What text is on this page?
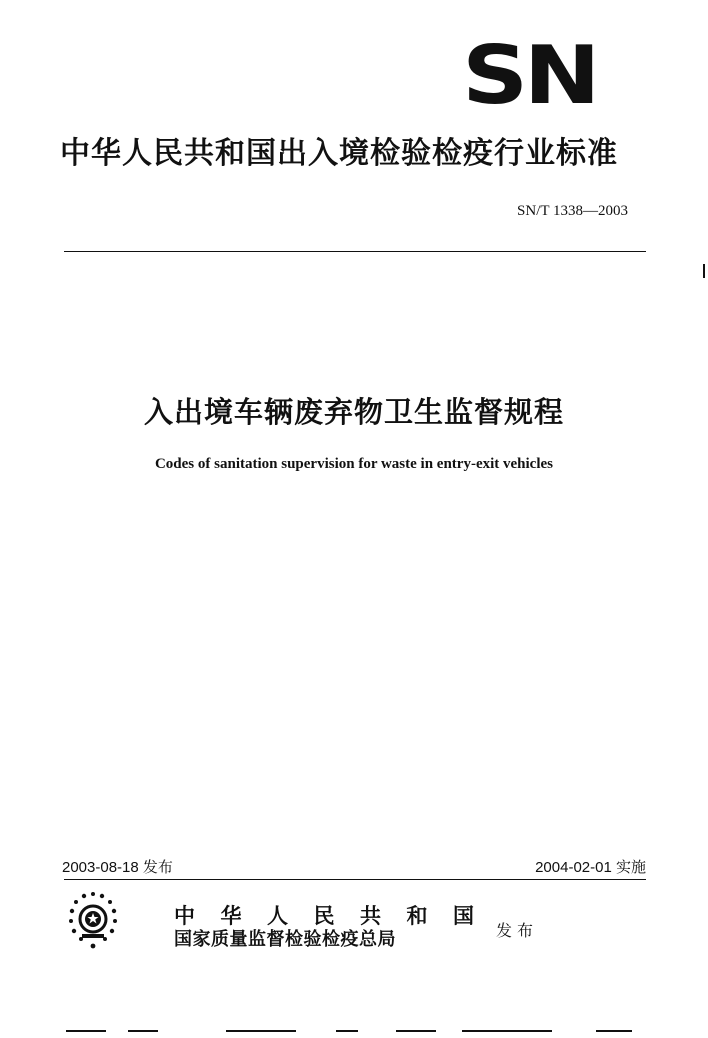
SN
中华人民共和国出入境检验检疫行业标准
SN/T 1338—2003
入出境车辆废弃物卫生监督规程
Codes of sanitation supervision for waste in entry-exit vehicles
2003-08-18 发布	2004-02-01 实施
中 华 人 民 共 和 国
国家质量监督检验检疫总局	发布
